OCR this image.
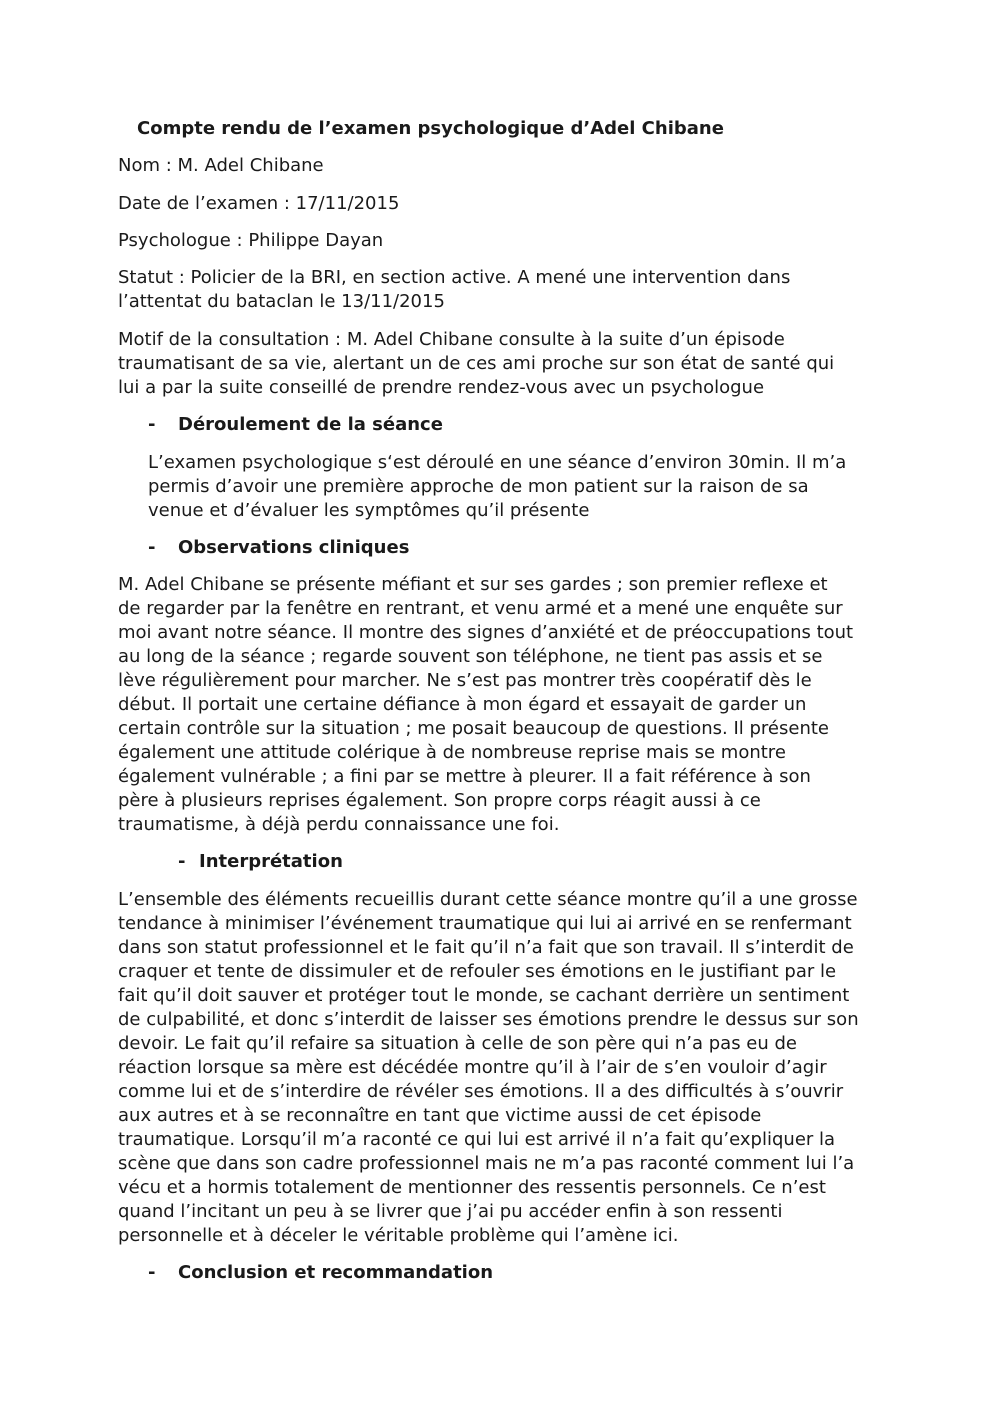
Compte rendu de l’examen psychologique d’Adel Chibane

Nom : M. Adel Chibane

Date de l’examen : 17/11/2015

Psychologue : Philippe Dayan

Statut : Policier de la BRI, en section active. A mené une intervention dans
l’attentat du bataclan le 13/11/2015

Motif de la consultation : M. Adel Chibane consulte à la suite d’un épisode
traumatisant de sa vie, alertant un de ces ami proche sur son état de santé qui
lui a par la suite conseillé de prendre rendez-vous avec un psychologue

- Déroulement de la séance

L’examen psychologique s‘est déroulé en une séance d’environ 30min. Il m’a
permis d’avoir une première approche de mon patient sur la raison de sa
venue et d’évaluer les symptômes qu’il présente

- Observations cliniques

M. Adel Chibane se présente méfiant et sur ses gardes ; son premier reflexe et
de regarder par la fenêtre en rentrant, et venu armé et a mené une enquête sur
moi avant notre séance. Il montre des signes d’anxiété et de préoccupations tout
au long de la séance ; regarde souvent son téléphone, ne tient pas assis et se
lève régulièrement pour marcher. Ne s’est pas montrer très coopératif dès le
début. Il portait une certaine défiance à mon égard et essayait de garder un
certain contrôle sur la situation ; me posait beaucoup de questions. Il présente
également une attitude colérique à de nombreuse reprise mais se montre
également vulnérable ; a fini par se mettre à pleurer. Il a fait référence à son
père à plusieurs reprises également. Son propre corps réagit aussi à ce
traumatisme, à déjà perdu connaissance une foi.

- Interprétation

L’ensemble des éléments recueillis durant cette séance montre qu’il a une grosse
tendance à minimiser l’événement traumatique qui lui ai arrivé en se renfermant
dans son statut professionnel et le fait qu’il n’a fait que son travail. Il s’interdit de
craquer et tente de dissimuler et de refouler ses émotions en le justifiant par le
fait qu’il doit sauver et protéger tout le monde, se cachant derrière un sentiment
de culpabilité, et donc s’interdit de laisser ses émotions prendre le dessus sur son
devoir. Le fait qu’il refaire sa situation à celle de son père qui n’a pas eu de
réaction lorsque sa mère est décédée montre qu’il à l’air de s’en vouloir d’agir
comme lui et de s’interdire de révéler ses émotions. Il a des difficultés à s’ouvrir
aux autres et à se reconnaître en tant que victime aussi de cet épisode
traumatique. Lorsqu’il m’a raconté ce qui lui est arrivé il n’a fait qu’expliquer la
scène que dans son cadre professionnel mais ne m’a pas raconté comment lui l’a
vécu et a hormis totalement de mentionner des ressentis personnels. Ce n’est
quand l’incitant un peu à se livrer que j’ai pu accéder enfin à son ressenti
personnelle et à déceler le véritable problème qui l’amène ici.

- Conclusion et recommandation
